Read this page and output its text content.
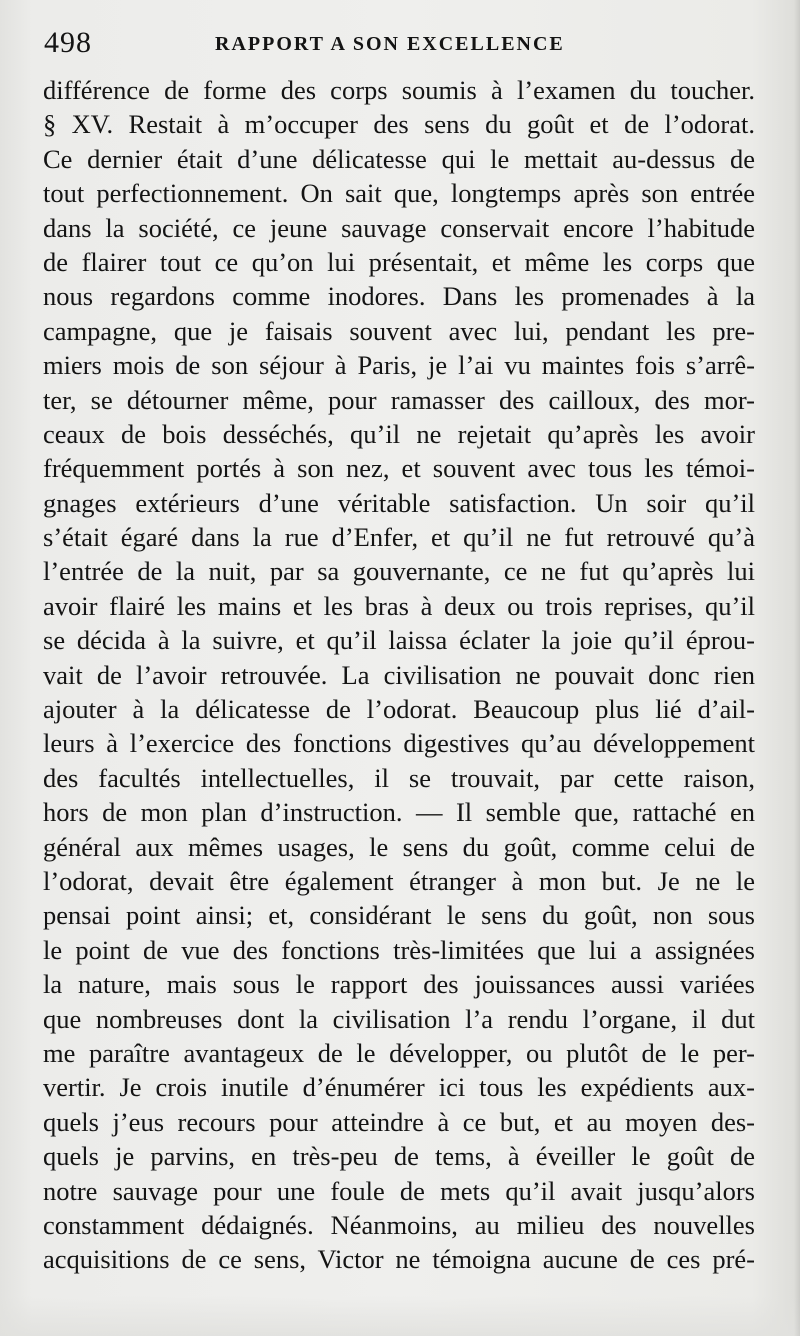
498	RAPPORT A SON EXCELLENCE
différence de forme des corps soumis à l’examen du toucher.
§ XV. Restait à m’occuper des sens du goût et de l’odorat.
Ce dernier était d’une délicatesse qui le mettait au-dessus de
tout perfectionnement. On sait que, longtemps après son entrée
dans la société, ce jeune sauvage conservait encore l’habitude
de flairer tout ce qu’on lui présentait, et même les corps que
nous regardons comme inodores. Dans les promenades à la
campagne, que je faisais souvent avec lui, pendant les pre-
miers mois de son séjour à Paris, je l’ai vu maintes fois s’arrê-
ter, se détourner même, pour ramasser des cailloux, des mor-
ceaux de bois desséchés, qu’il ne rejetait qu’après les avoir
fréquemment portés à son nez, et souvent avec tous les témoi-
gnages extérieurs d’une véritable satisfaction. Un soir qu’il
s’était égaré dans la rue d’Enfer, et qu’il ne fut retrouvé qu’à
l’entrée de la nuit, par sa gouvernante, ce ne fut qu’après lui
avoir flairé les mains et les bras à deux ou trois reprises, qu’il
se décida à la suivre, et qu’il laissa éclater la joie qu’il éprou-
vait de l’avoir retrouvée. La civilisation ne pouvait donc rien
ajouter à la délicatesse de l’odorat. Beaucoup plus lié d’ail-
leurs à l’exercice des fonctions digestives qu’au développement
des facultés intellectuelles, il se trouvait, par cette raison,
hors de mon plan d’instruction. — Il semble que, rattaché en
général aux mêmes usages, le sens du goût, comme celui de
l’odorat, devait être également étranger à mon but. Je ne le
pensai point ainsi; et, considérant le sens du goût, non sous
le point de vue des fonctions très-limitées que lui a assignées
la nature, mais sous le rapport des jouissances aussi variées
que nombreuses dont la civilisation l’a rendu l’organe, il dut
me paraître avantageux de le développer, ou plutôt de le per-
vertir. Je crois inutile d’énumérer ici tous les expédients aux-
quels j’eus recours pour atteindre à ce but, et au moyen des-
quels je parvins, en très-peu de tems, à éveiller le goût de
notre sauvage pour une foule de mets qu’il avait jusqu’alors
constamment dédaignés. Néanmoins, au milieu des nouvelles
acquisitions de ce sens, Victor ne témoigna aucune de ces pré-
